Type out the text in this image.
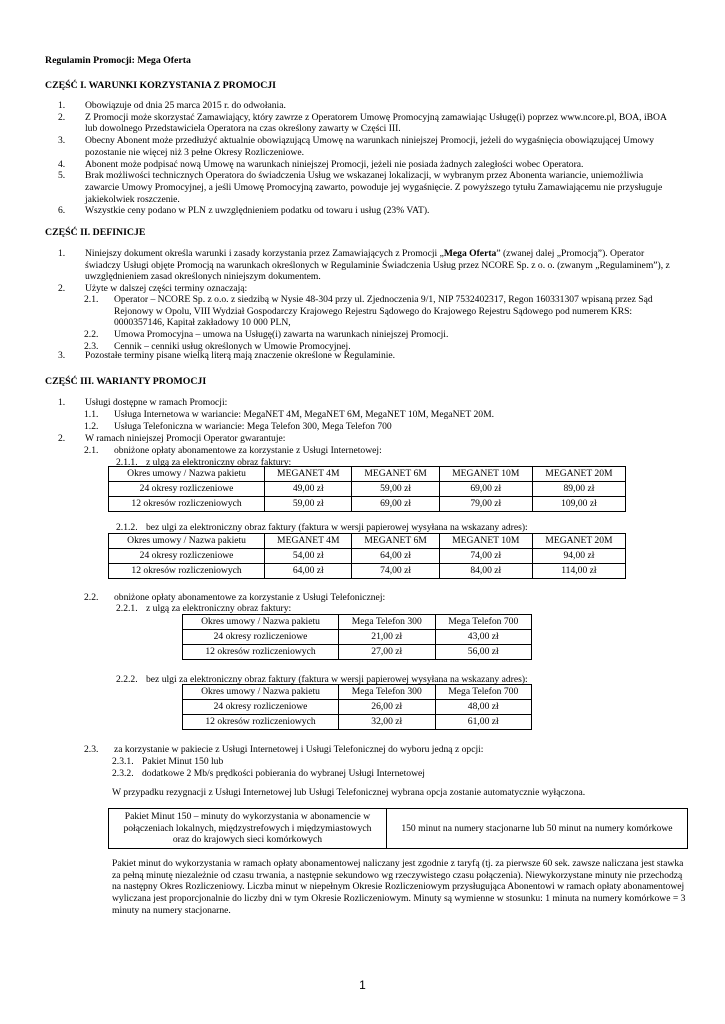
Regulamin Promocji: Mega Oferta
CZĘŚĆ I. WARUNKI KORZYSTANIA Z PROMOCJI
1.	Obowiązuje od dnia 25 marca 2015 r. do odwołania.
2.	Z Promocji może skorzystać Zamawiający, który zawrze z Operatorem Umowę Promocyjną zamawiając Usługę(i) poprzez www.ncore.pl, BOA, iBOA lub dowolnego Przedstawiciela Operatora na czas określony zawarty w Części III.
3.	Obecny Abonent może przedłużyć aktualnie obowiązującą Umowę na warunkach niniejszej Promocji, jeżeli do wygaśnięcia obowiązującej Umowy pozostanie nie więcej niż 3 pełne Okresy Rozliczeniowe.
4.	Abonent może podpisać nową Umowę na warunkach niniejszej Promocji, jeżeli nie posiada żadnych zaległości wobec Operatora.
5.	Brak możliwości technicznych Operatora do świadczenia Usług we wskazanej lokalizacji, w wybranym przez Abonenta wariancie, uniemożliwia zawarcie Umowy Promocyjnej, a jeśli Umowę Promocyjną zawarto, powoduje jej wygaśnięcie. Z powyższego tytułu Zamawiającemu nie przysługuje jakiekolwiek roszczenie.
6.	Wszystkie ceny podano w PLN z uwzględnieniem podatku od towaru i usług (23% VAT).
CZĘŚĆ II. DEFINICJE
1.	Niniejszy dokument określa warunki i zasady korzystania przez Zamawiających z Promocji „Mega Oferta” (zwanej dalej „Promocją”). Operator świadczy Usługi objęte Promocją na warunkach określonych w Regulaminie Świadczenia Usług przez NCORE Sp. z o. o. (zwanym „Regulaminem”), z uwzględnieniem zasad określonych niniejszym dokumentem.
2.	Użyte w dalszej części terminy oznaczają:
2.1.	Operator – NCORE Sp. z o.o. z siedzibą w Nysie 48-304 przy ul. Zjednoczenia 9/1, NIP 7532402317, Regon 160331307 wpisaną przez Sąd Rejonowy w Opolu, VIII Wydział Gospodarczy Krajowego Rejestru Sądowego do Krajowego Rejestru Sądowego pod numerem KRS: 0000357146, Kapitał zakładowy 10 000 PLN,
2.2.	Umowa Promocyjna – umowa na Usługę(i) zawarta na warunkach niniejszej Promocji.
2.3.	Cennik – cenniki usług określonych w Umowie Promocyjnej.
3.	Pozostałe terminy pisane wielką literą mają znaczenie określone w Regulaminie.
CZĘŚĆ III. WARIANTY PROMOCJI
1.	Usługi dostępne w ramach Promocji:
1.1.	Usługa Internetowa w wariancie: MegaNET 4M, MegaNET 6M, MegaNET 10M, MegaNET 20M.
1.2.	Usługa Telefoniczna w wariancie: Mega Telefon 300, Mega Telefon 700
2.	W ramach niniejszej Promocji Operator gwarantuje:
2.1.	obniżone opłaty abonamentowe za korzystanie z Usługi Internetowej:
2.1.1. z ulgą za elektroniczny obraz faktury:
Okres umowy / Nazwa pakietu	MEGANET 4M	MEGANET 6M	MEGANET 10M	MEGANET 20M
24 okresy rozliczeniowe	49,00 zł	59,00 zł	69,00 zł	89,00 zł
12 okresów rozliczeniowych	59,00 zł	69,00 zł	79,00 zł	109,00 zł
2.1.2. bez ulgi za elektroniczny obraz faktury (faktura w wersji papierowej wysyłana na wskazany adres):
Okres umowy / Nazwa pakietu	MEGANET 4M	MEGANET 6M	MEGANET 10M	MEGANET 20M
24 okresy rozliczeniowe	54,00 zł	64,00 zł	74,00 zł	94,00 zł
12 okresów rozliczeniowych	64,00 zł	74,00 zł	84,00 zł	114,00 zł
2.2.	obniżone opłaty abonamentowe za korzystanie z Usługi Telefonicznej:
2.2.1. z ulgą za elektroniczny obraz faktury:
Okres umowy / Nazwa pakietu	Mega Telefon 300	Mega Telefon 700
24 okresy rozliczeniowe	21,00 zł	43,00 zł
12 okresów rozliczeniowych	27,00 zł	56,00 zł
2.2.2. bez ulgi za elektroniczny obraz faktury (faktura w wersji papierowej wysyłana na wskazany adres):
Okres umowy / Nazwa pakietu	Mega Telefon 300	Mega Telefon 700
24 okresy rozliczeniowe	26,00 zł	48,00 zł
12 okresów rozliczeniowych	32,00 zł	61,00 zł
2.3.	za korzystanie w pakiecie z Usługi Internetowej i Usługi Telefonicznej do wyboru jedną z opcji:
2.3.1. Pakiet Minut 150 lub
2.3.2. dodatkowe 2 Mb/s prędkości pobierania do wybranej Usługi Internetowej
W przypadku rezygnacji z Usługi Internetowej lub Usługi Telefonicznej wybrana opcja zostanie automatycznie wyłączona.
Pakiet Minut 150 – minuty do wykorzystania w abonamencie w połączeniach lokalnych, międzystrefowych i międzymiastowych oraz do krajowych sieci komórkowych	150 minut na numery stacjonarne lub 50 minut na numery komórkowe
Pakiet minut do wykorzystania w ramach opłaty abonamentowej naliczany jest zgodnie z taryfą (tj. za pierwsze 60 sek. zawsze naliczana jest stawka za pełną minutę niezależnie od czasu trwania, a następnie sekundowo wg rzeczywistego czasu połączenia). Niewykorzystane minuty nie przechodzą na następny Okres Rozliczeniowy. Liczba minut w niepełnym Okresie Rozliczeniowym przysługująca Abonentowi w ramach opłaty abonamentowej wyliczana jest proporcjonalnie do liczby dni w tym Okresie Rozliczeniowym. Minuty są wymienne w stosunku: 1 minuta na numery komórkowe = 3 minuty na numery stacjonarne.
1
